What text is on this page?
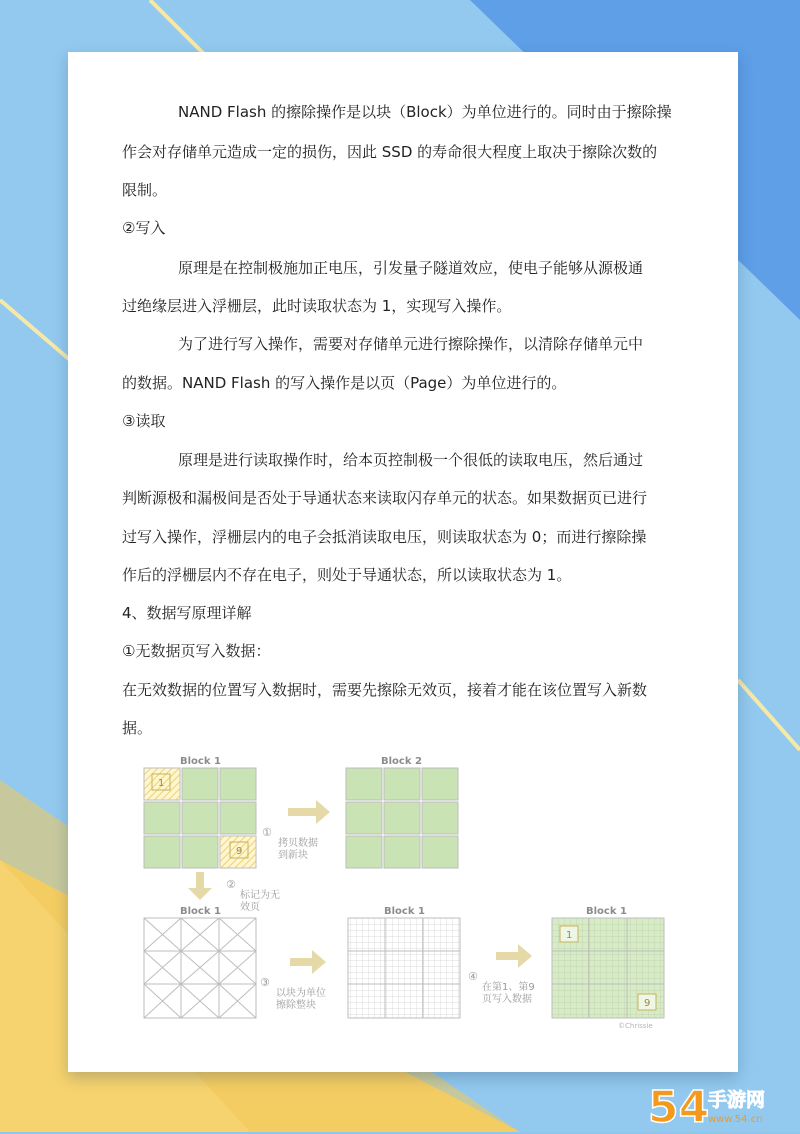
NAND Flash 的擦除操作是以块（Block）为单位进行的。同时由于擦除操
作会对存储单元造成一定的损伤，因此 SSD 的寿命很大程度上取决于擦除次数的
限制。
②写入
原理是在控制极施加正电压，引发量子隧道效应，使电子能够从源极通
过绝缘层进入浮栅层，此时读取状态为 1，实现写入操作。
为了进行写入操作，需要对存储单元进行擦除操作，以清除存储单元中
的数据。NAND Flash 的写入操作是以页（Page）为单位进行的。
③读取
原理是进行读取操作时，给本页控制极一个很低的读取电压，然后通过
判断源极和漏极间是否处于导通状态来读取闪存单元的状态。如果数据页已进行
过写入操作，浮栅层内的电子会抵消读取电压，则读取状态为 0；而进行擦除操
作后的浮栅层内不存在电子，则处于导通状态，所以读取状态为 1。
4、数据写原理详解
①无数据页写入数据：
在无效数据的位置写入数据时，需要先擦除无效页，接着才能在该位置写入新数
据。
Block 1
1
9
①
拷贝数据
到新块
Block 2
②
标记为无
效页
Block 1
③
以块为单位
擦除整块
Block 1
④
在第1、第9
页写入数据
Block 1
1
9
©Chrissie
54
手游网
www.54.cn
